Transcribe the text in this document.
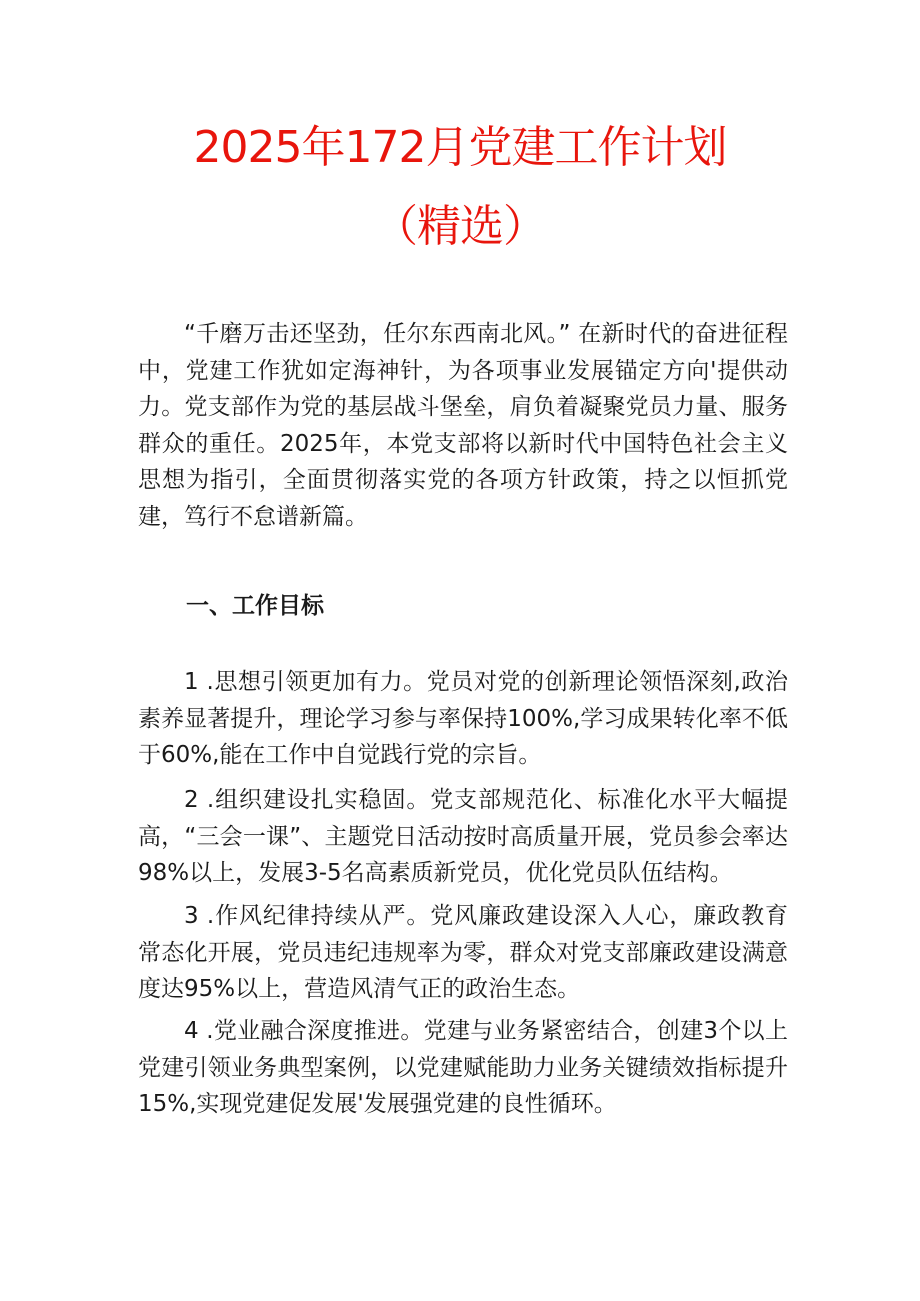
2025年172月党建工作计划
（精选）

“千磨万击还坚劲，任尔东西南北风。” 在新时代的奋进征程中，党建工作犹如定海神针，为各项事业发展锚定方向'提供动力。党支部作为党的基层战斗堡垒，肩负着凝聚党员力量、服务群众的重任。2025年，本党支部将以新时代中国特色社会主义思想为指引，全面贯彻落实党的各项方针政策，持之以恒抓党建，笃行不怠谱新篇。

一、工作目标

1 .思想引领更加有力。党员对党的创新理论领悟深刻,政治素养显著提升，理论学习参与率保持100%,学习成果转化率不低于60%,能在工作中自觉践行党的宗旨。

2 .组织建设扎实稳固。党支部规范化、标准化水平大幅提高，“三会一课”、主题党日活动按时高质量开展，党员参会率达98%以上，发展3-5名高素质新党员，优化党员队伍结构。

3 .作风纪律持续从严。党风廉政建设深入人心，廉政教育常态化开展，党员违纪违规率为零，群众对党支部廉政建设满意度达95%以上，营造风清气正的政治生态。

4 .党业融合深度推进。党建与业务紧密结合，创建3个以上党建引领业务典型案例，以党建赋能助力业务关键绩效指标提升15%,实现党建促发展'发展强党建的良性循环。
